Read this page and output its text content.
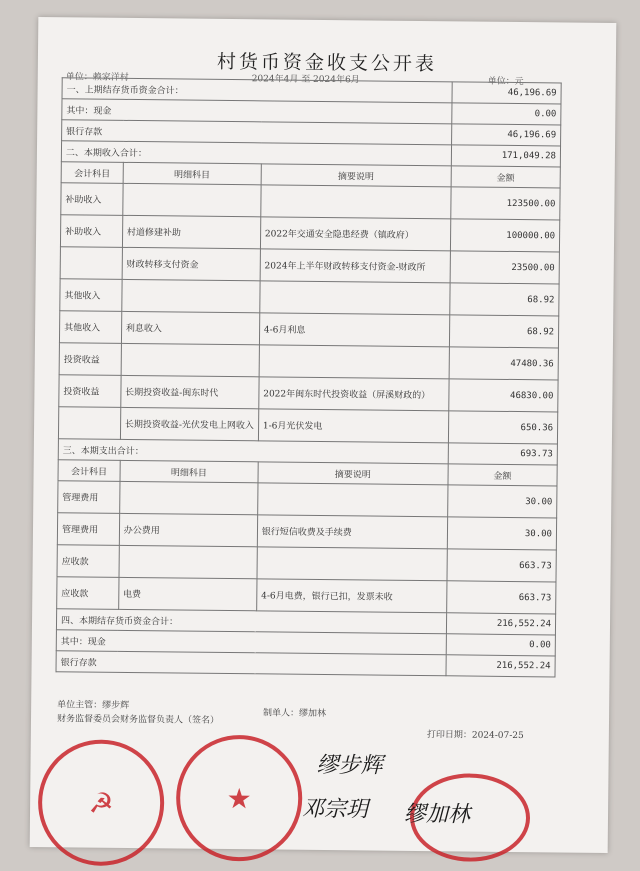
村货币资金收支公开表
单位：赖家洋村	2024年4月 至 2024年6月	单位：元
一、上期结存货币资金合计：			46,196.69
其中：现金			0.00
银行存款			46,196.69
二、本期收入合计：			171,049.28
会计科目	明细科目	摘要说明	金额
补助收入			123500.00
补助收入	村道修建补助	2022年交通安全隐患经费（镇政府）	100000.00
	财政转移支付资金	2024年上半年财政转移支付资金-财政所	23500.00
其他收入			68.92
其他收入	利息收入	4-6月利息	68.92
投资收益			47480.36
投资收益	长期投资收益-闽东时代	2022年闽东时代投资收益（屏溪财政的）	46830.00
	长期投资收益-光伏发电上网收入	1-6月光伏发电	650.36
三、本期支出合计：			693.73
会计科目	明细科目	摘要说明	金额
管理费用			30.00
管理费用	办公费用	银行短信收费及手续费	30.00
应收款			663.73
应收款	电费	4-6月电费，银行已扣，发票未收	663.73
四、本期结存货币资金合计：			216,552.24
其中：现金			0.00
银行存款			216,552.24
单位主管：缪步辉
制单人：缪加林
财务监督委员会财务监督负责人（签名）
打印日期：2024-07-25
☭	★
缪步辉
邓宗玥 缪加林
